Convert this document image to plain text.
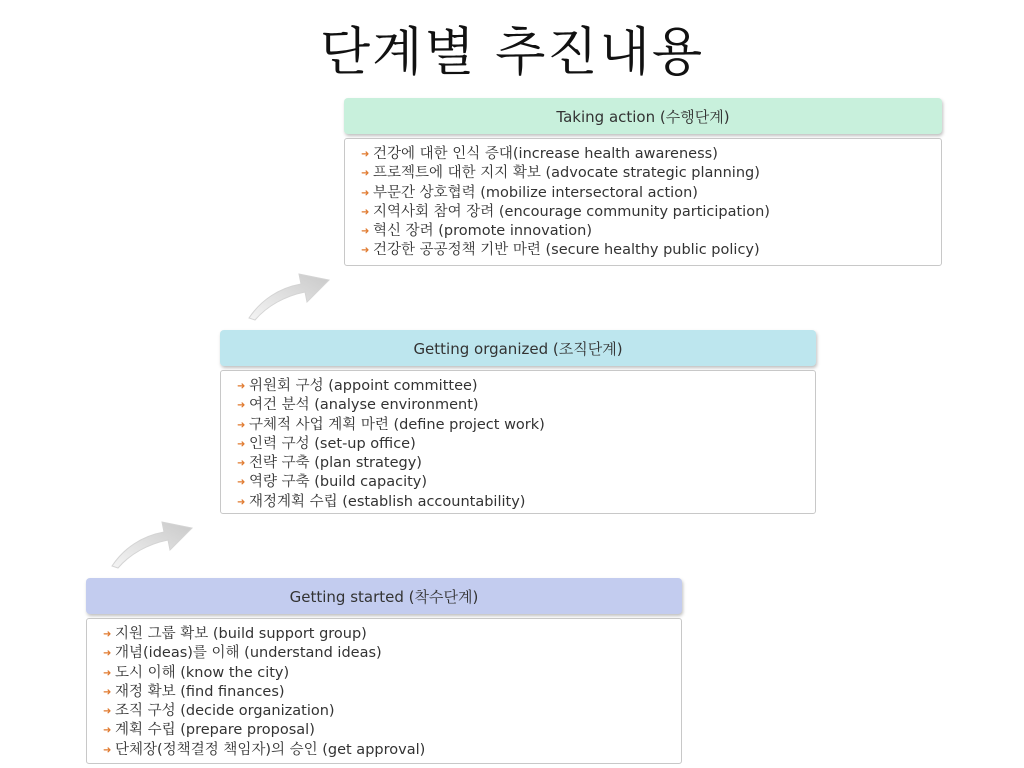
단계별 추진내용
Taking action (수행단계)
➜ 건강에 대한 인식 증대(increase health awareness)
➜ 프로젝트에 대한 지지 확보 (advocate strategic planning)
➜ 부문간 상호협력 (mobilize intersectoral action)
➜ 지역사회 참여 장려 (encourage community participation)
➜ 혁신 장려 (promote innovation)
➜ 건강한 공공정책 기반 마련 (secure healthy public policy)
Getting organized (조직단계)
➜ 위원회 구성 (appoint committee)
➜ 여건 분석 (analyse environment)
➜ 구체적 사업 계획 마련 (define project work)
➜ 인력 구성 (set-up office)
➜ 전략 구축 (plan strategy)
➜ 역량 구축 (build capacity)
➜ 재정계획 수립 (establish accountability)
Getting started (착수단계)
➜ 지원 그룹 확보 (build support group)
➜ 개념(ideas)를 이해 (understand ideas)
➜ 도시 이해 (know the city)
➜ 재정 확보 (find finances)
➜ 조직 구성 (decide organization)
➜ 계획 수립 (prepare proposal)
➜ 단체장(정책결정 책임자)의 승인 (get approval)
